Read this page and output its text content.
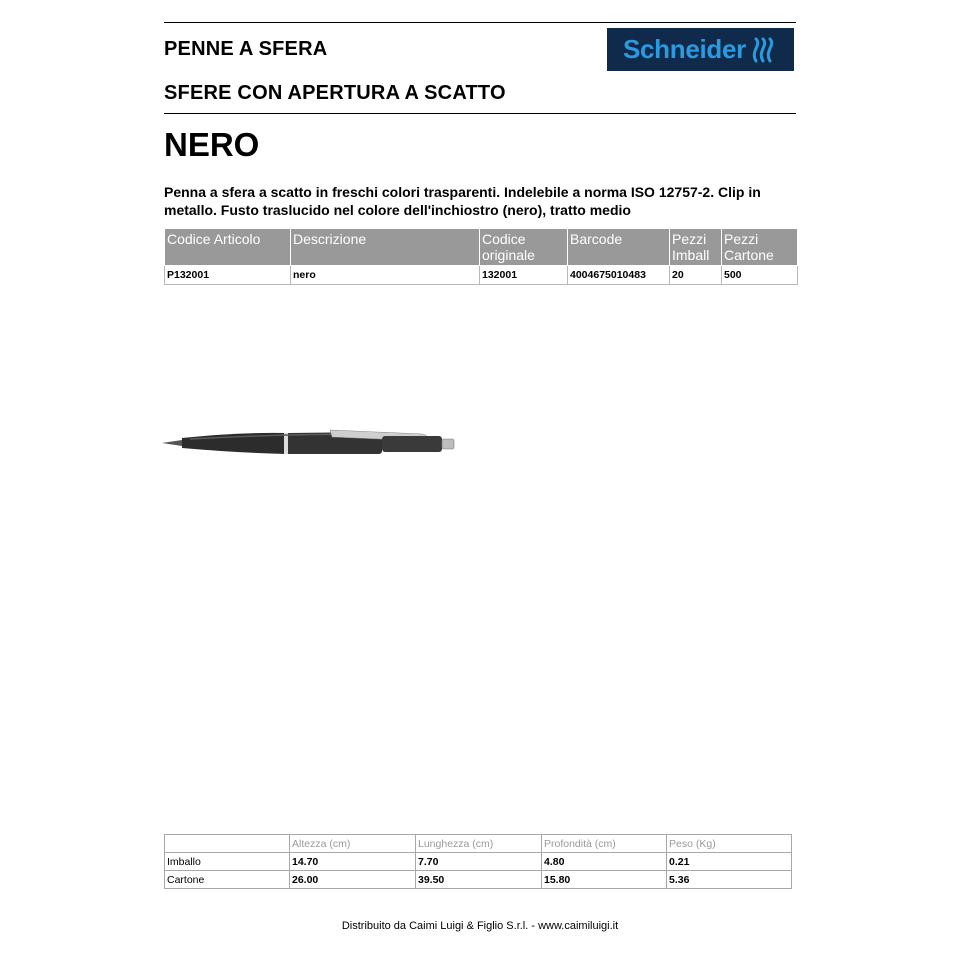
PENNE A SFERA	Schneider
SFERE CON APERTURA A SCATTO
NERO
Penna a sfera a scatto in freschi colori trasparenti. Indelebile a norma ISO 12757-2. Clip in metallo. Fusto traslucido nel colore dell'inchiostro (nero), tratto medio
Codice Articolo	Descrizione	Codice originale	Barcode	Pezzi Imball	Pezzi Cartone
P132001	nero	132001	4004675010483	20	500
	Altezza (cm)	Lunghezza (cm)	Profondità (cm)	Peso (Kg)
Imballo	14.70	7.70	4.80	0.21
Cartone	26.00	39.50	15.80	5.36
Distribuito da Caimi Luigi & Figlio S.r.l. - www.caimiluigi.it
